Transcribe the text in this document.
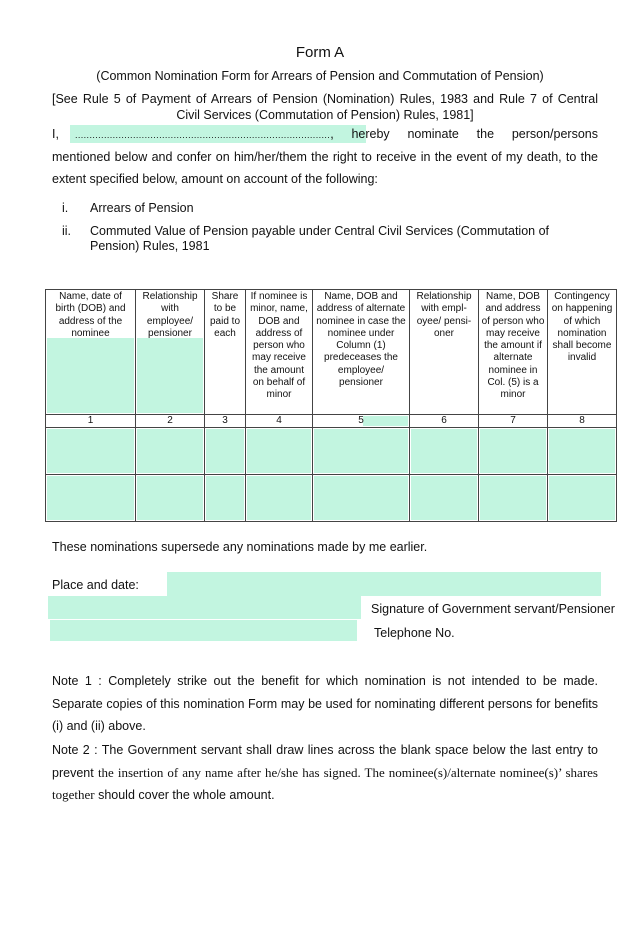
Form A
(Common Nomination Form for Arrears of Pension and Commutation of Pension)
[See Rule 5 of Payment of Arrears of Pension (Nomination) Rules, 1983 and Rule 7 of Central Civil Services (Commutation of Pension) Rules, 1981]
I, ........................................................................................, hereby nominate the person/persons mentioned below and confer on him/her/them the right to receive in the event of my death, to the extent specified below, amount on account of the following:
i. Arrears of Pension
ii. Commuted Value of Pension payable under Central Civil Services (Commutation of Pension) Rules, 1981
Name, date of birth (DOB) and address of the nominee	Relationship with employee/ pensioner	Share to be paid to each	If nominee is minor, name, DOB and address of person who may receive the amount on behalf of minor	Name, DOB and address of alternate nominee in case the nominee under Column (1) predeceases the employee/ pensioner	Relationship with empl-oyee/ pensi-oner	Name, DOB and address of person who may receive the amount if alternate nominee in Col. (5) is a minor	Contingency on happening of which nomination shall become invalid

1	2	3	4	5	6	7	8

These nominations supersede any nominations made by me earlier.
Place and date:
Signature of Government servant/Pensioner
Telephone No.
Note 1 : Completely strike out the benefit for which nomination is not intended to be made. Separate copies of this nomination Form may be used for nominating different persons for benefits (i) and (ii) above.
Note 2 : The Government servant shall draw lines across the blank space below the last entry to prevent the insertion of any name after he/she has signed. The nominee(s)/alternate nominee(s)’ shares together should cover the whole amount.
